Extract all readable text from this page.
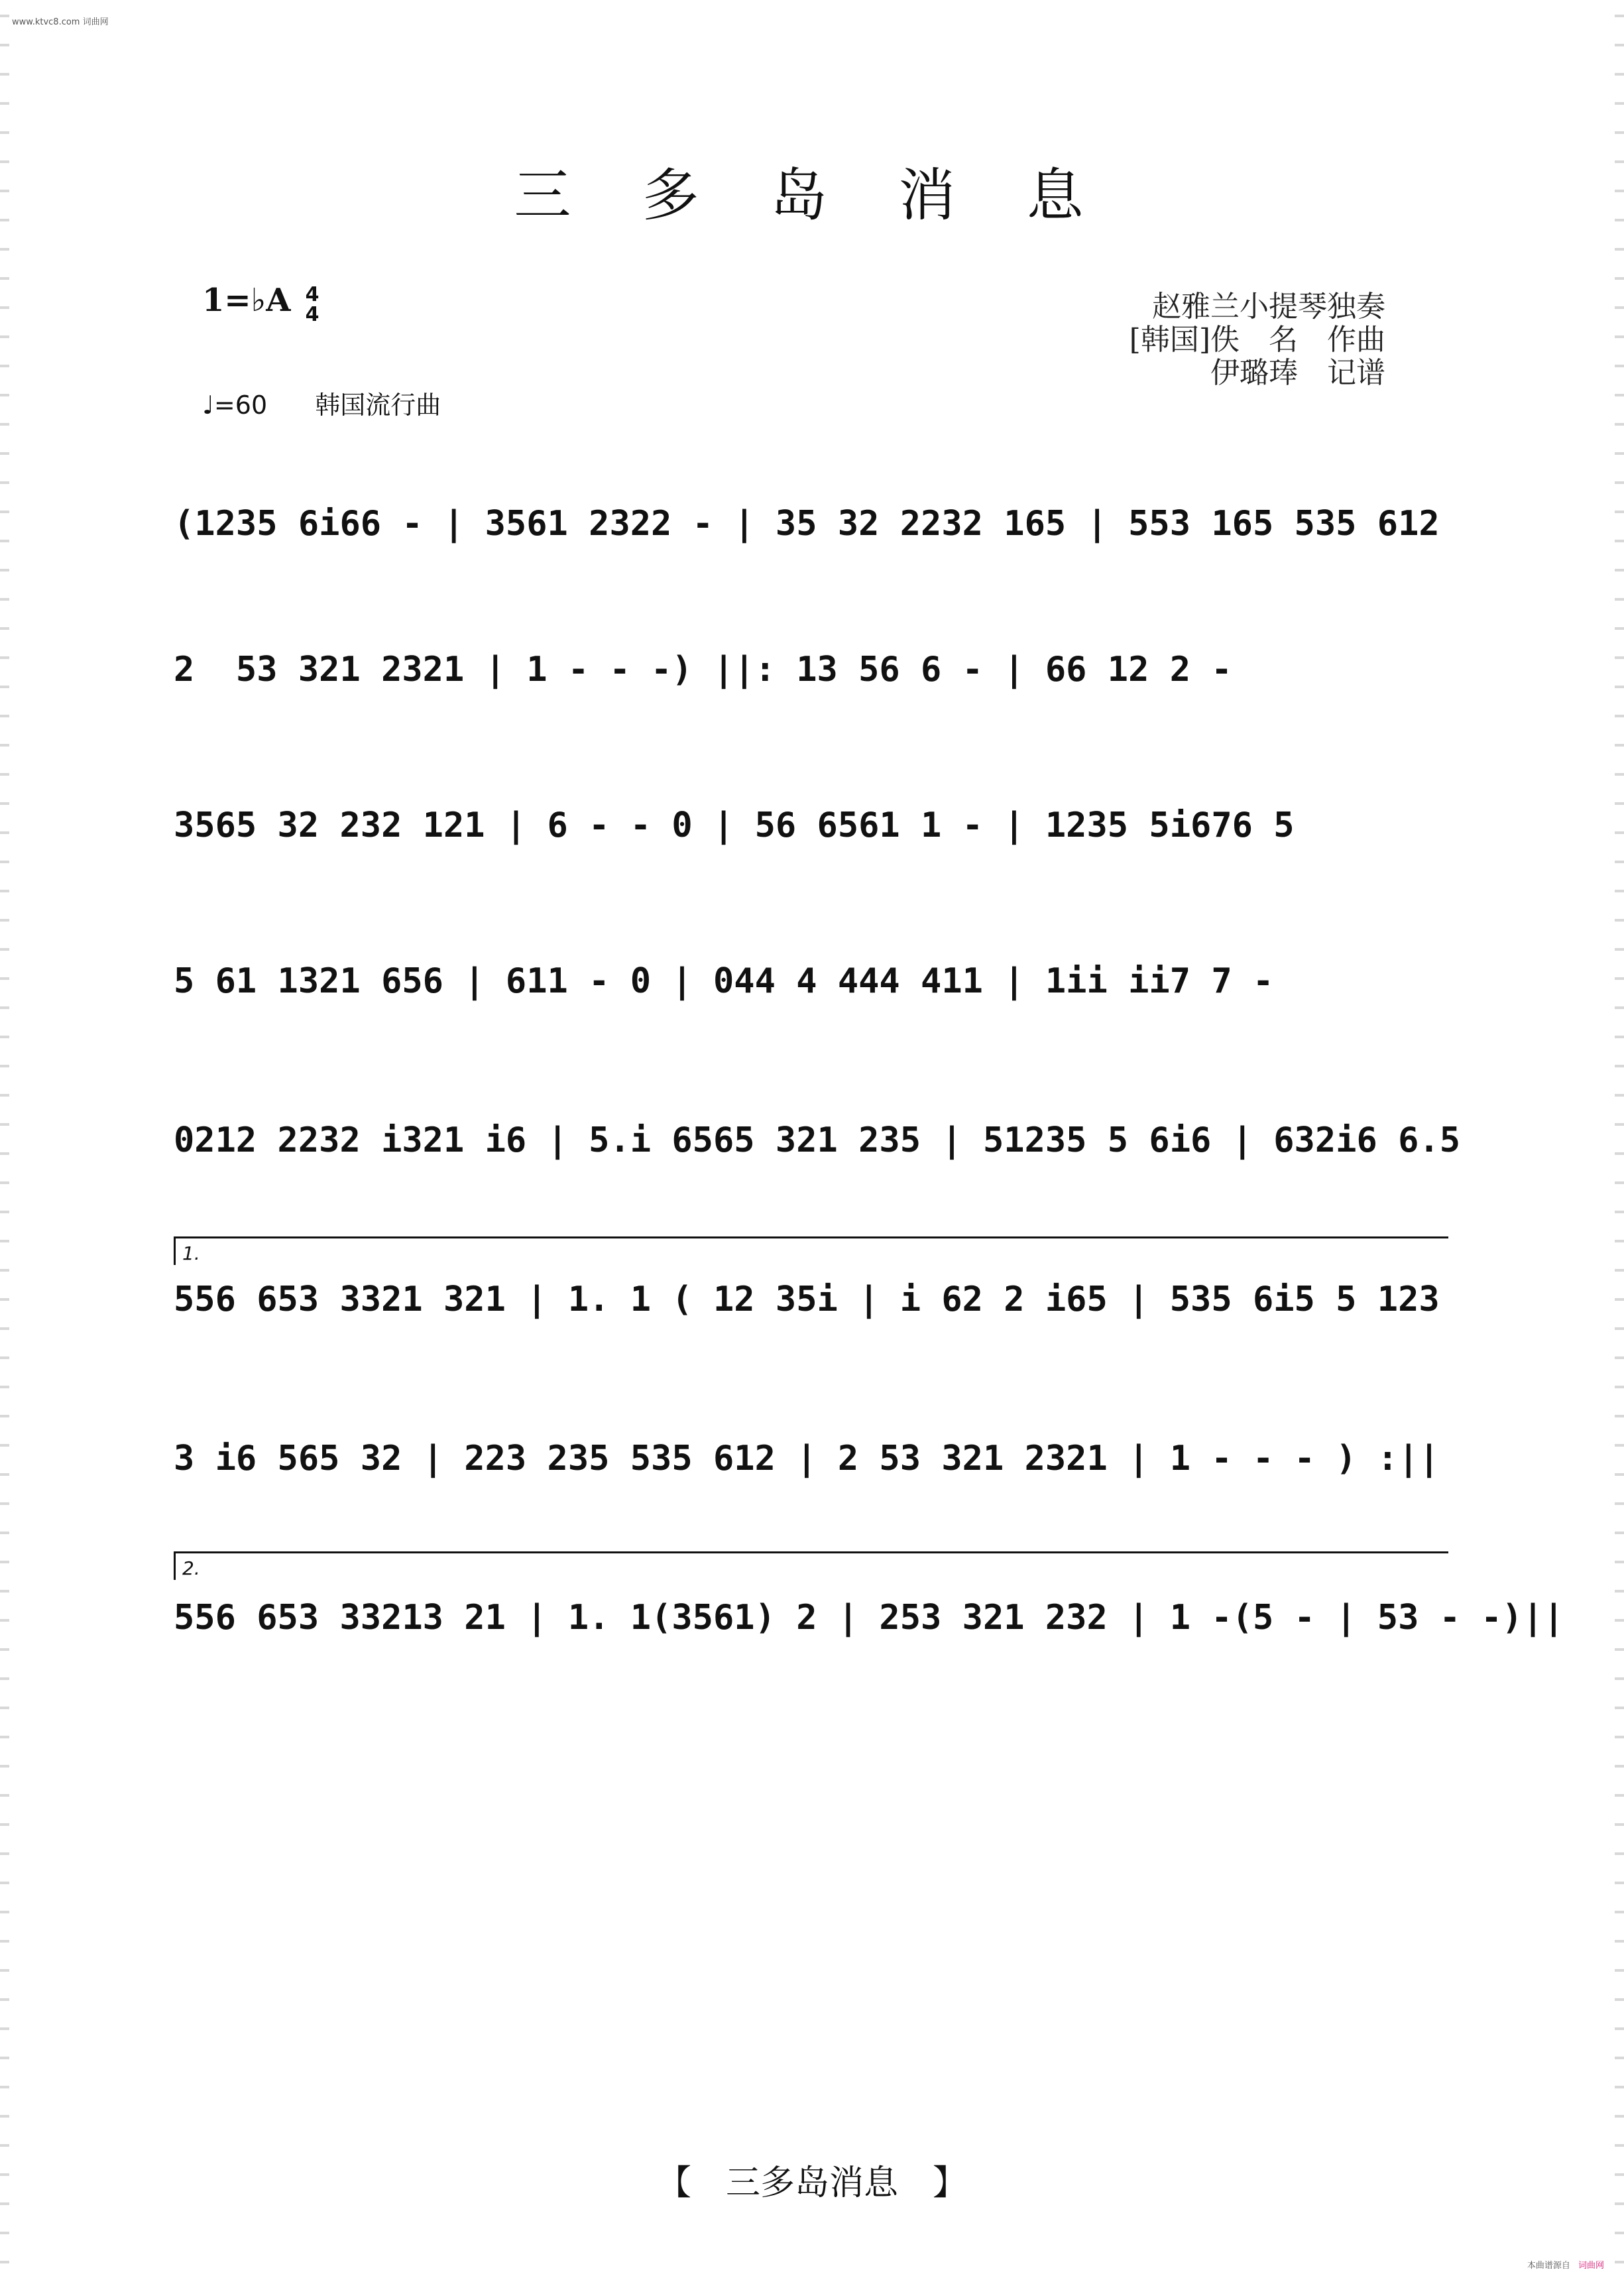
www.ktvc8.com 词曲网
三 多 岛 消 息
1=♭A 4
4
♩=60 韩国流行曲
赵雅兰小提琴独奏
[韩国]佚　名　作曲
伊璐琫　记谱
(1235 6i66 - | 3561 2322 - | 35 32 2232 165 | 553 165 535 612
2  53 321 2321 | 1 - - -) ||: 13 56 6 - | 66 12 2 -
3565 32 232 121 | 6 - - 0 | 56 6561 1 - | 1235 5i676 5
5 61 1321 656 | 611 - 0 | 044 4 444 411 | 1ii ii7 7 -
0212 2232 i321 i6 | 5.i 6565 321 235 | 51235 5 6i6 | 632i6 6.5
1.
556 653 3321 321 | 1. 1 ( 12 35i | i 62 2 i65 | 535 6i5 5 123
3 i6 565 32 | 223 235 535 612 | 2 53 321 2321 | 1 - - - ) :||
2.
556 653 33213 21 | 1. 1(3561) 2 | 253 321 232 | 1 -(5 - | 53 - -)||
【　三多岛消息　】
本曲谱源自 词曲网
